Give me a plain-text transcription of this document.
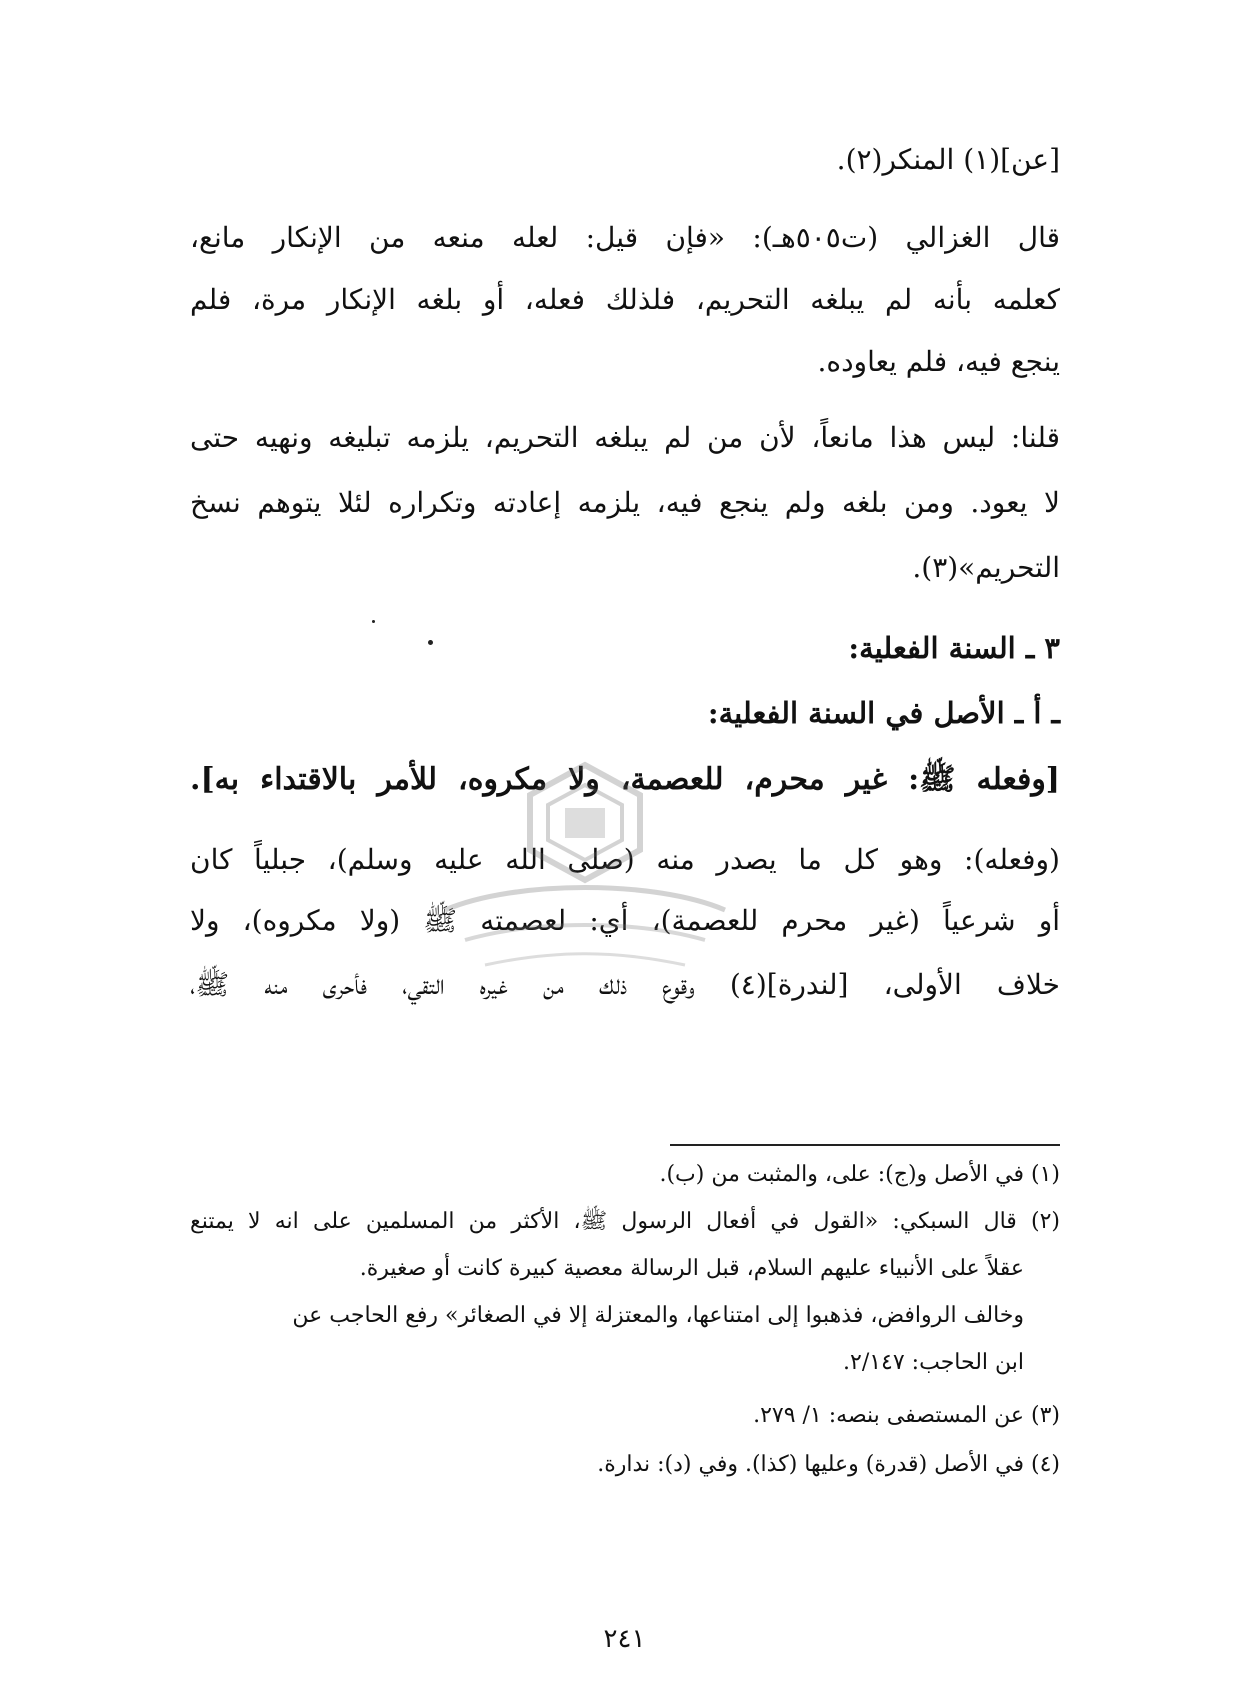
[عن](١) المنكر(٢).
قال الغزالي (ت٥٠٥هـ): «فإن قيل: لعله منعه من الإنكار مانع،
كعلمه بأنه لم يبلغه التحريم، فلذلك فعله، أو بلغه الإنكار مرة، فلم
ينجع فيه، فلم يعاوده.
قلنا: ليس هذا مانعاً، لأن من لم يبلغه التحريم، يلزمه تبليغه ونهيه حتى
لا يعود. ومن بلغه ولم ينجع فيه، يلزمه إعادته وتكراره لئلا يتوهم نسخ
التحريم»(٣).
٣ ـ السنة الفعلية:
ـ أ ـ الأصل في السنة الفعلية:
[وفعله ﷺ: غير محرم، للعصمة، ولا مكروه، للأمر بالاقتداء به].
(وفعله): وهو كل ما يصدر منه (صلى الله عليه وسلم)، جبلياً كان
أو شرعياً (غير محرم للعصمة)، أي: لعصمته ﷺ (ولا مكروه)، ولا
خلاف الأولى، [لندرة](٤) وقوع ذلك من غيره التقي، فأحرى منه ﷺ،
(١) في الأصل و(ج): على، والمثبت من (ب).
(٢) قال السبكي: «القول في أفعال الرسول ﷺ، الأكثر من المسلمين على انه لا يمتنع
عقلاً على الأنبياء عليهم السلام، قبل الرسالة معصية كبيرة كانت أو صغيرة.
وخالف الروافض، فذهبوا إلى امتناعها، والمعتزلة إلا في الصغائر» رفع الحاجب عن
ابن الحاجب: ٢/١٤٧.
(٣) عن المستصفى بنصه: ١/ ٢٧٩.
(٤) في الأصل (قدرة) وعليها (كذا). وفي (د): ندارة.
٢٤١
